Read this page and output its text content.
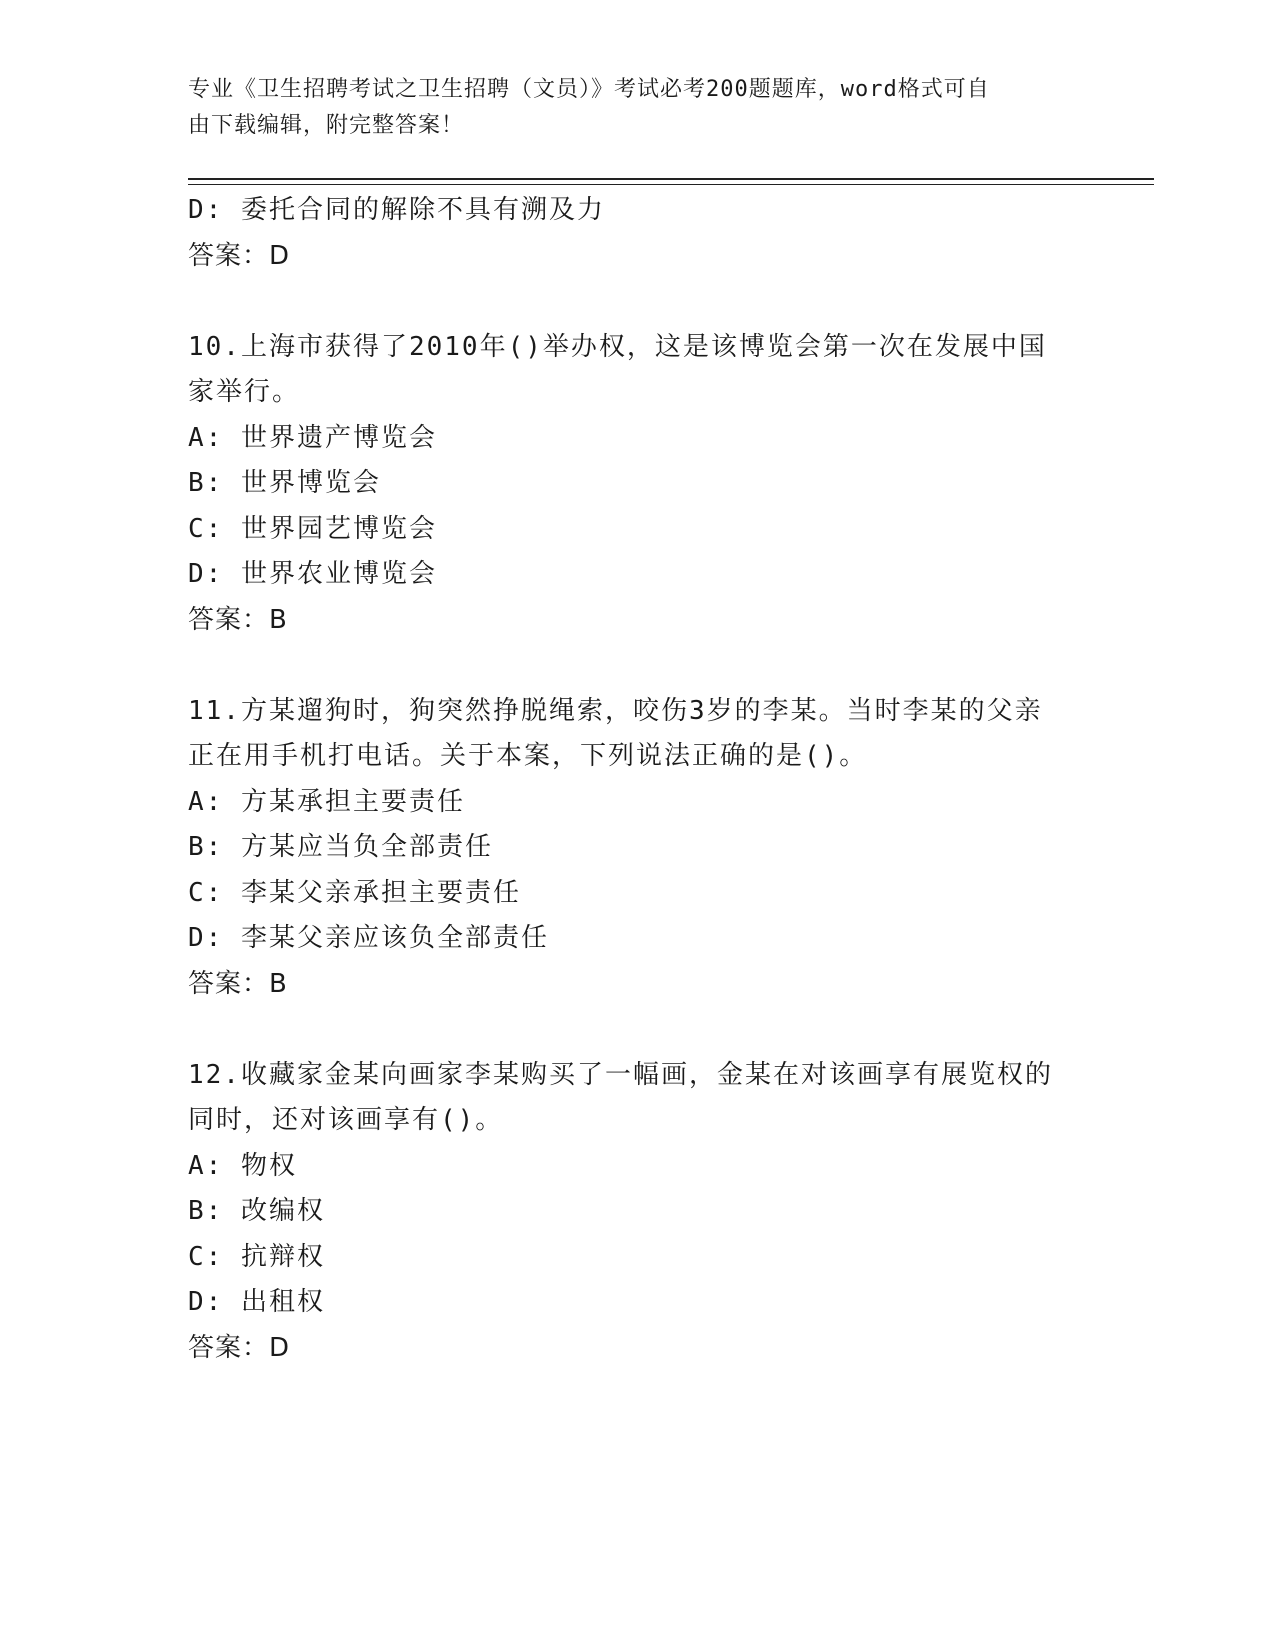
专业《卫生招聘考试之卫生招聘（文员）》考试必考200题题库，word格式可自
由下载编辑，附完整答案！
D: 委托合同的解除不具有溯及力
答案：D
10.上海市获得了2010年()举办权，这是该博览会第一次在发展中国
家举行。
A: 世界遗产博览会
B: 世界博览会
C: 世界园艺博览会
D: 世界农业博览会
答案：B
11.方某遛狗时，狗突然挣脱绳索，咬伤3岁的李某。当时李某的父亲
正在用手机打电话。关于本案，下列说法正确的是()。
A: 方某承担主要责任
B: 方某应当负全部责任
C: 李某父亲承担主要责任
D: 李某父亲应该负全部责任
答案：B
12.收藏家金某向画家李某购买了一幅画，金某在对该画享有展览权的
同时，还对该画享有()。
A: 物权
B: 改编权
C: 抗辩权
D: 出租权
答案：D
